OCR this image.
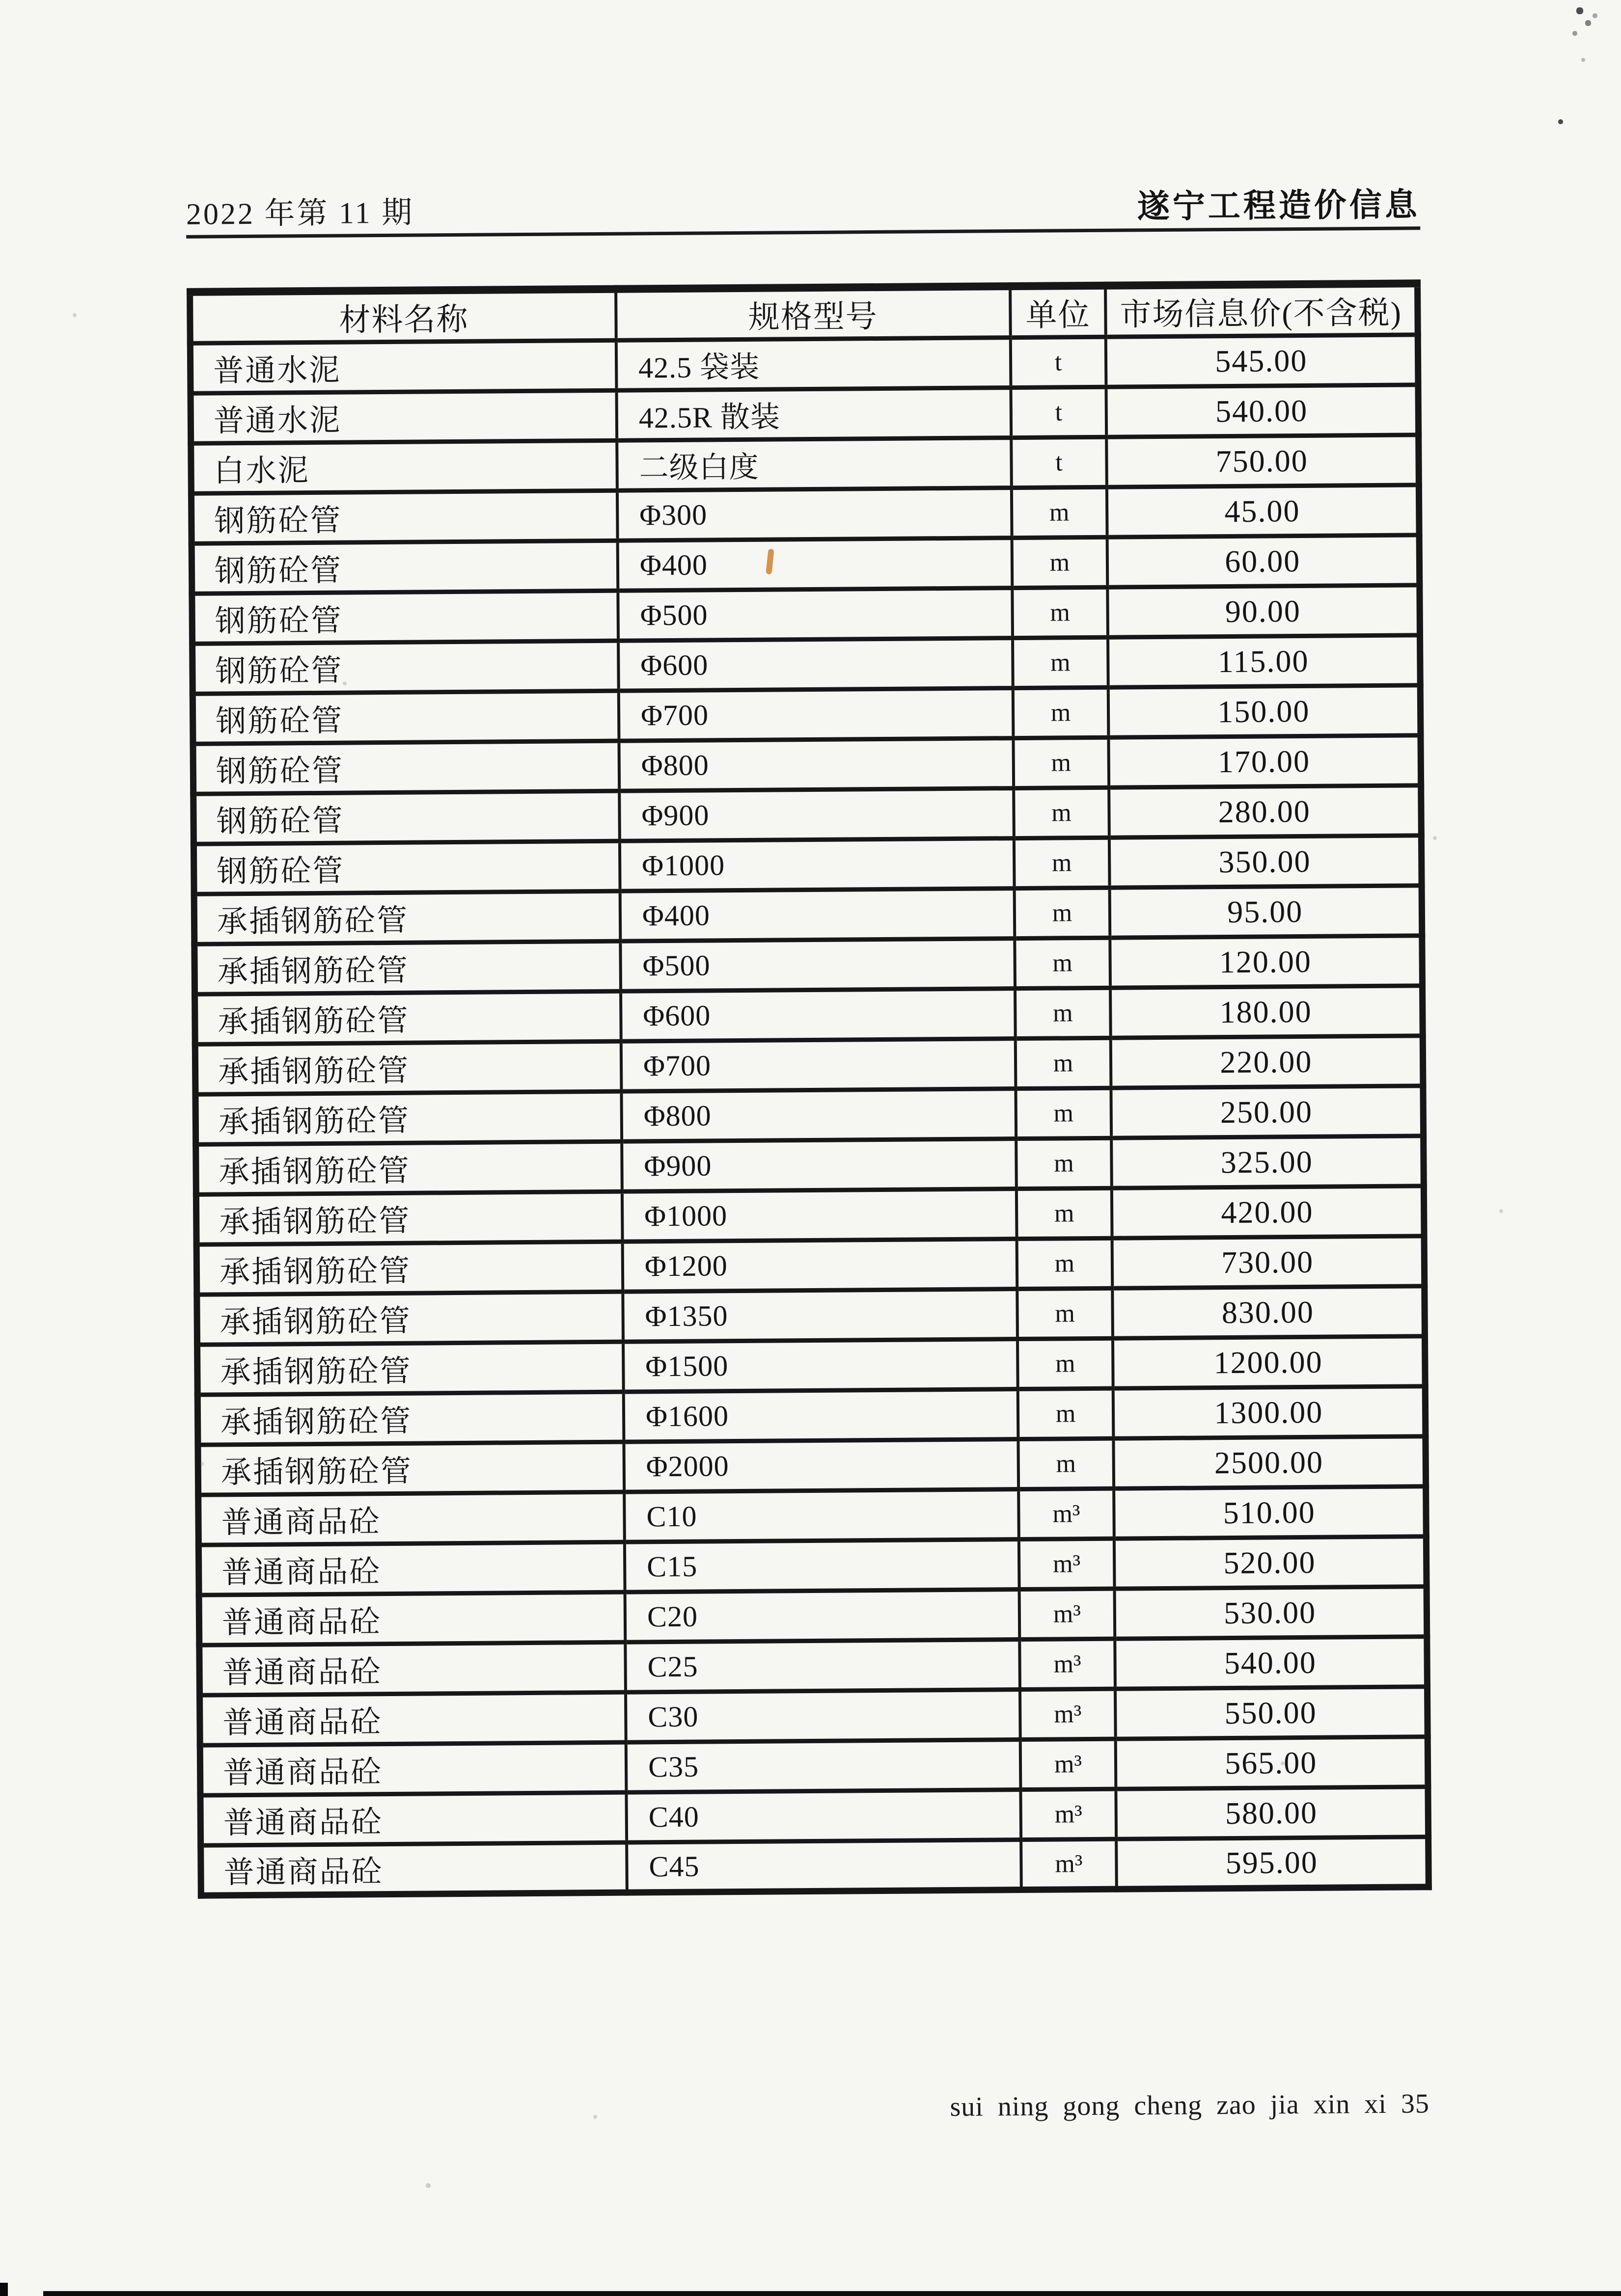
2022 年第 11 期	遂宁工程造价信息
材料名称	规格型号	单位	市场信息价(不含税)
普通水泥	42.5 袋装	t	545.00
普通水泥	42.5R 散装	t	540.00
白水泥	二级白度	t	750.00
钢筋砼管	Φ300	m	45.00
钢筋砼管	Φ400	m	60.00
钢筋砼管	Φ500	m	90.00
钢筋砼管	Φ600	m	115.00
钢筋砼管	Φ700	m	150.00
钢筋砼管	Φ800	m	170.00
钢筋砼管	Φ900	m	280.00
钢筋砼管	Φ1000	m	350.00
承插钢筋砼管	Φ400	m	95.00
承插钢筋砼管	Φ500	m	120.00
承插钢筋砼管	Φ600	m	180.00
承插钢筋砼管	Φ700	m	220.00
承插钢筋砼管	Φ800	m	250.00
承插钢筋砼管	Φ900	m	325.00
承插钢筋砼管	Φ1000	m	420.00
承插钢筋砼管	Φ1200	m	730.00
承插钢筋砼管	Φ1350	m	830.00
承插钢筋砼管	Φ1500	m	1200.00
承插钢筋砼管	Φ1600	m	1300.00
承插钢筋砼管	Φ2000	m	2500.00
普通商品砼	C10	m³	510.00
普通商品砼	C15	m³	520.00
普通商品砼	C20	m³	530.00
普通商品砼	C25	m³	540.00
普通商品砼	C30	m³	550.00
普通商品砼	C35	m³	565.00
普通商品砼	C40	m³	580.00
普通商品砼	C45	m³	595.00
sui ning gong cheng zao jia xin xi 35
